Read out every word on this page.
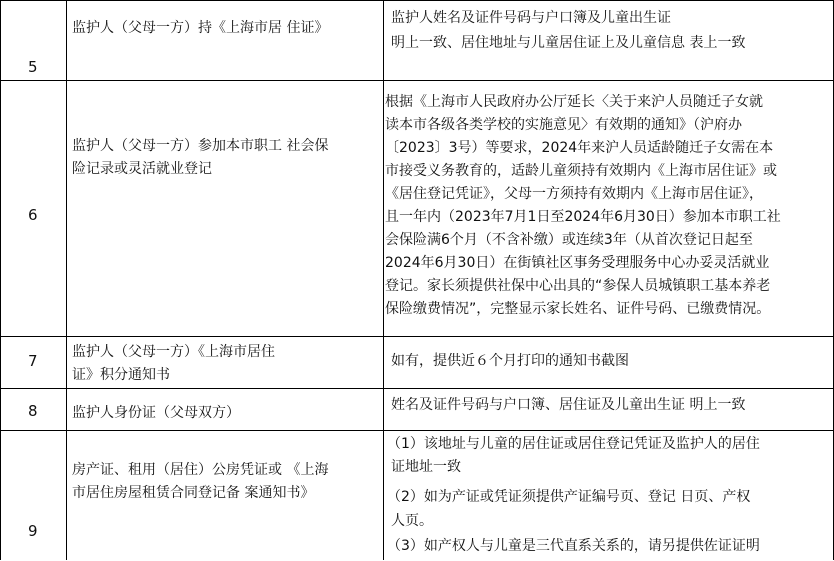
5
监护人（父母一方）持《上海市居 住证》
监护人姓名及证件号码与户口簿及儿童出生证
明上一致、居住地址与儿童居住证上及儿童信息 表上一致
6
监护人（父母一方）参加本市职工 社会保
险记录或灵活就业登记
根据《上海市人民政府办公厅延长〈关于来沪人员随迁子女就
读本市各级各类学校的实施意见〉有效期的通知》（沪府办
〔2023〕3号）等要求，2024年来沪人员适龄随迁子女需在本
市接受义务教育的，适龄儿童须持有效期内《上海市居住证》或
《居住登记凭证》，父母一方须持有效期内《上海市居住证》，
且一年内（2023年7月1日至2024年6月30日）参加本市职工社
会保险满6个月（不含补缴）或连续3年（从首次登记日起至
2024年6月30日）在街镇社区事务受理服务中心办妥灵活就业
登记。家长须提供社保中心出具的“参保人员城镇职工基本养老
保险缴费情况”，完整显示家长姓名、证件号码、已缴费情况。
7 监护人（父母一方）《上海市居住
证》积分通知书
如有，提供近６个月打印的通知书截图
8 监护人身份证（父母双方）	姓名及证件号码与户口簿、居住证及儿童出生证 明上一致
9
房产证、租用（居住）公房凭证或 《上海
市居住房屋租赁合同登记备 案通知书》
（1）该地址与儿童的居住证或居住登记凭证及监护人的居住
证地址一致
（2）如为产证或凭证须提供产证编号页、登记 日页、产权
人页。
（3）如产权人与儿童是三代直系关系的，请另提供佐证证明
